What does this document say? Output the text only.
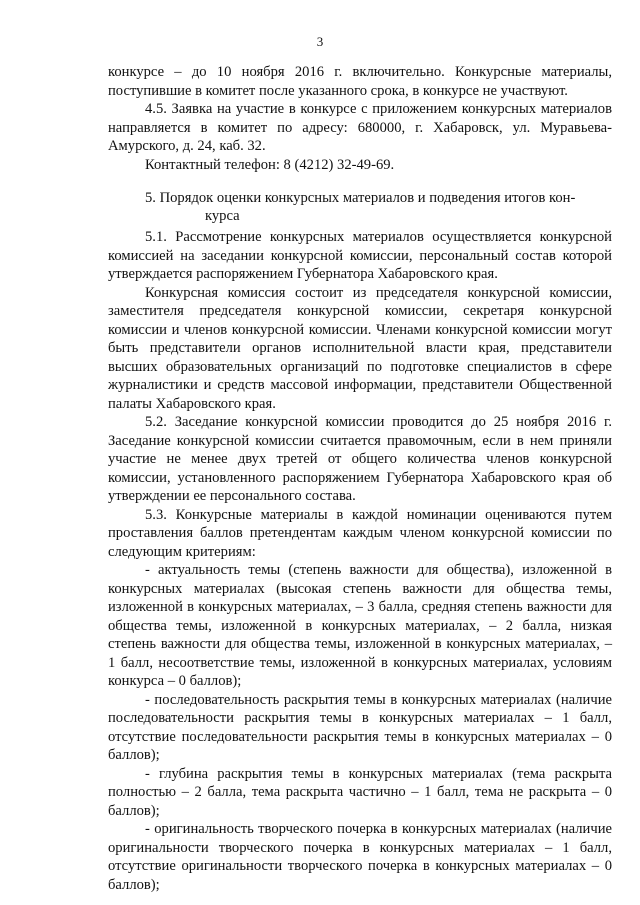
3

конкурсе – до 10 ноября 2016 г. включительно. Конкурсные материалы, поступившие в комитет после указанного срока, в конкурсе не участвуют.

4.5. Заявка на участие в конкурсе с приложением конкурсных материалов направляется в комитет по адресу: 680000, г. Хабаровск, ул. Муравьева-Амурского, д. 24, каб. 32.

Контактный телефон: 8 (4212) 32-49-69.

5. Порядок оценки конкурсных материалов и подведения итогов кон-
курса

5.1. Рассмотрение конкурсных материалов осуществляется конкурсной комиссией на заседании конкурсной комиссии, персональный состав которой утверждается распоряжением Губернатора Хабаровского края.

Конкурсная комиссия состоит из председателя конкурсной комиссии, заместителя председателя конкурсной комиссии, секретаря конкурсной комиссии и членов конкурсной комиссии. Членами конкурсной комиссии могут быть представители органов исполнительной власти края, представители высших образовательных организаций по подготовке специалистов в сфере журналистики и средств массовой информации, представители Общественной палаты Хабаровского края.

5.2. Заседание конкурсной комиссии проводится до 25 ноября 2016 г. Заседание конкурсной комиссии считается правомочным, если в нем приняли участие не менее двух третей от общего количества членов конкурсной комиссии, установленного распоряжением Губернатора Хабаровского края об утверждении ее персонального состава.

5.3. Конкурсные материалы в каждой номинации оцениваются путем проставления баллов претендентам каждым членом конкурсной комиссии по следующим критериям:

- актуальность темы (степень важности для общества), изложенной в конкурсных материалах (высокая степень важности для общества темы, изложенной в конкурсных материалах, – 3 балла, средняя степень важности для общества темы, изложенной в конкурсных материалах, – 2 балла, низкая степень важности для общества темы, изложенной в конкурсных материалах, – 1 балл, несоответствие темы, изложенной в конкурсных материалах, условиям конкурса – 0 баллов);

- последовательность раскрытия темы в конкурсных материалах (наличие последовательности раскрытия темы в конкурсных материалах – 1 балл, отсутствие последовательности раскрытия темы в конкурсных материалах – 0 баллов);

- глубина раскрытия темы в конкурсных материалах (тема раскрыта полностью – 2 балла, тема раскрыта частично – 1 балл, тема не раскрыта – 0 баллов);

- оригинальность творческого почерка в конкурсных материалах (наличие оригинальности творческого почерка в конкурсных материалах – 1 балл, отсутствие оригинальности творческого почерка в конкурсных материалах – 0 баллов);
